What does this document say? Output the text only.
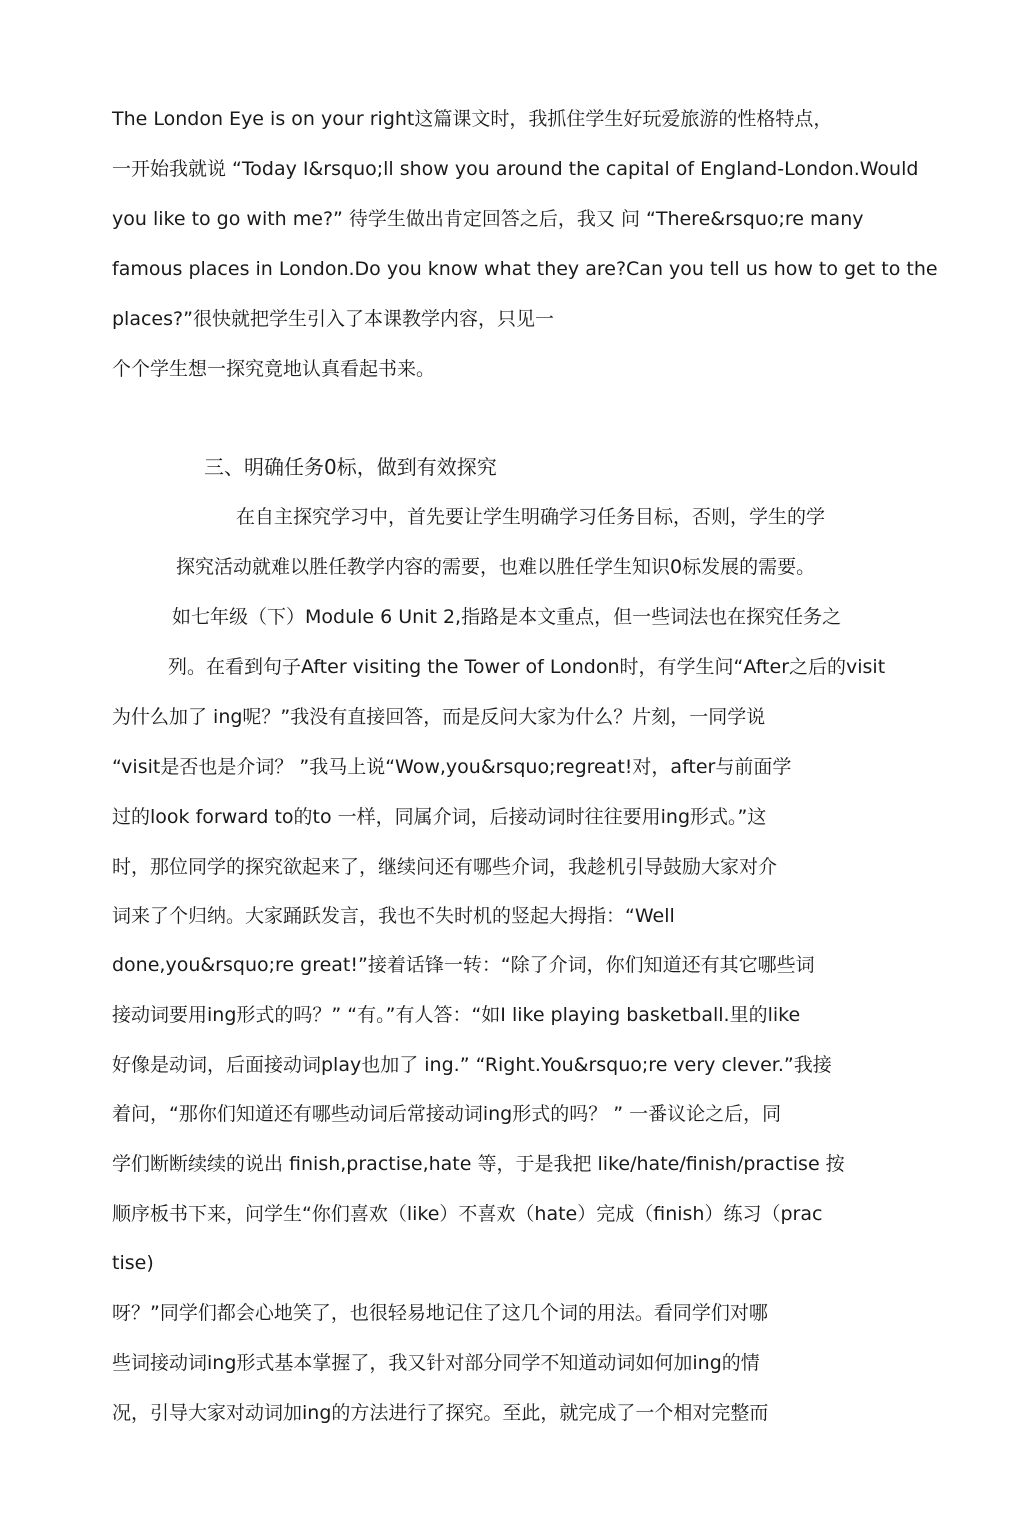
The London Eye is on your right这篇课文时，我抓住学生好玩爱旅游的性格特点，
一开始我就说 “Today I&rsquo;ll show you around the capital of England-London.Would
you like to go with me?” 待学生做出肯定回答之后，我又 问 “There&rsquo;re many
famous places in London.Do you know what they are?Can you tell us how to get to the
places?”很快就把学生引入了本课教学内容，只见一
个个学生想一探究竟地认真看起书来。
三、明确任务0标，做到有效探究
在自主探究学习中，首先要让学生明确学习任务目标，否则，学生的学
探究活动就难以胜任教学内容的需要，也难以胜任学生知识0标发展的需要。
如七年级（下）Module 6 Unit 2,指路是本文重点，但一些词法也在探究任务之
列。在看到句子After visiting the Tower of London时，有学生问“After之后的visit
为什么加了 ing呢？”我没有直接回答，而是反问大家为什么？片刻，一同学说
“visit是否也是介词？ ”我马上说“Wow,you&rsquo;regreat!对，after与前面学
过的look forward to的to 一样，同属介词，后接动词时往往要用ing形式。”这
时，那位同学的探究欲起来了，继续问还有哪些介词，我趁机引导鼓励大家对介
词来了个归纳。大家踊跃发言，我也不失时机的竖起大拇指：“Well
done,you&rsquo;re great!”接着话锋一转：“除了介词，你们知道还有其它哪些词
接动词要用ing形式的吗？” “有。”有人答：“如I like playing basketball.里的like
好像是动词，后面接动词play也加了 ing.” “Right.You&rsquo;re very clever.”我接
着问，“那你们知道还有哪些动词后常接动词ing形式的吗？ ” 一番议论之后，同
学们断断续续的说出 finish,practise,hate 等，于是我把 like/hate/finish/practise 按
顺序板书下来，问学生“你们喜欢（like）不喜欢（hate）完成（finish）练习（prac
tise)
呀？”同学们都会心地笑了，也很轻易地记住了这几个词的用法。看同学们对哪
些词接动词ing形式基本掌握了，我又针对部分同学不知道动词如何加ing的情
况，引导大家对动词加ing的方法进行了探究。至此，就完成了一个相对完整而
